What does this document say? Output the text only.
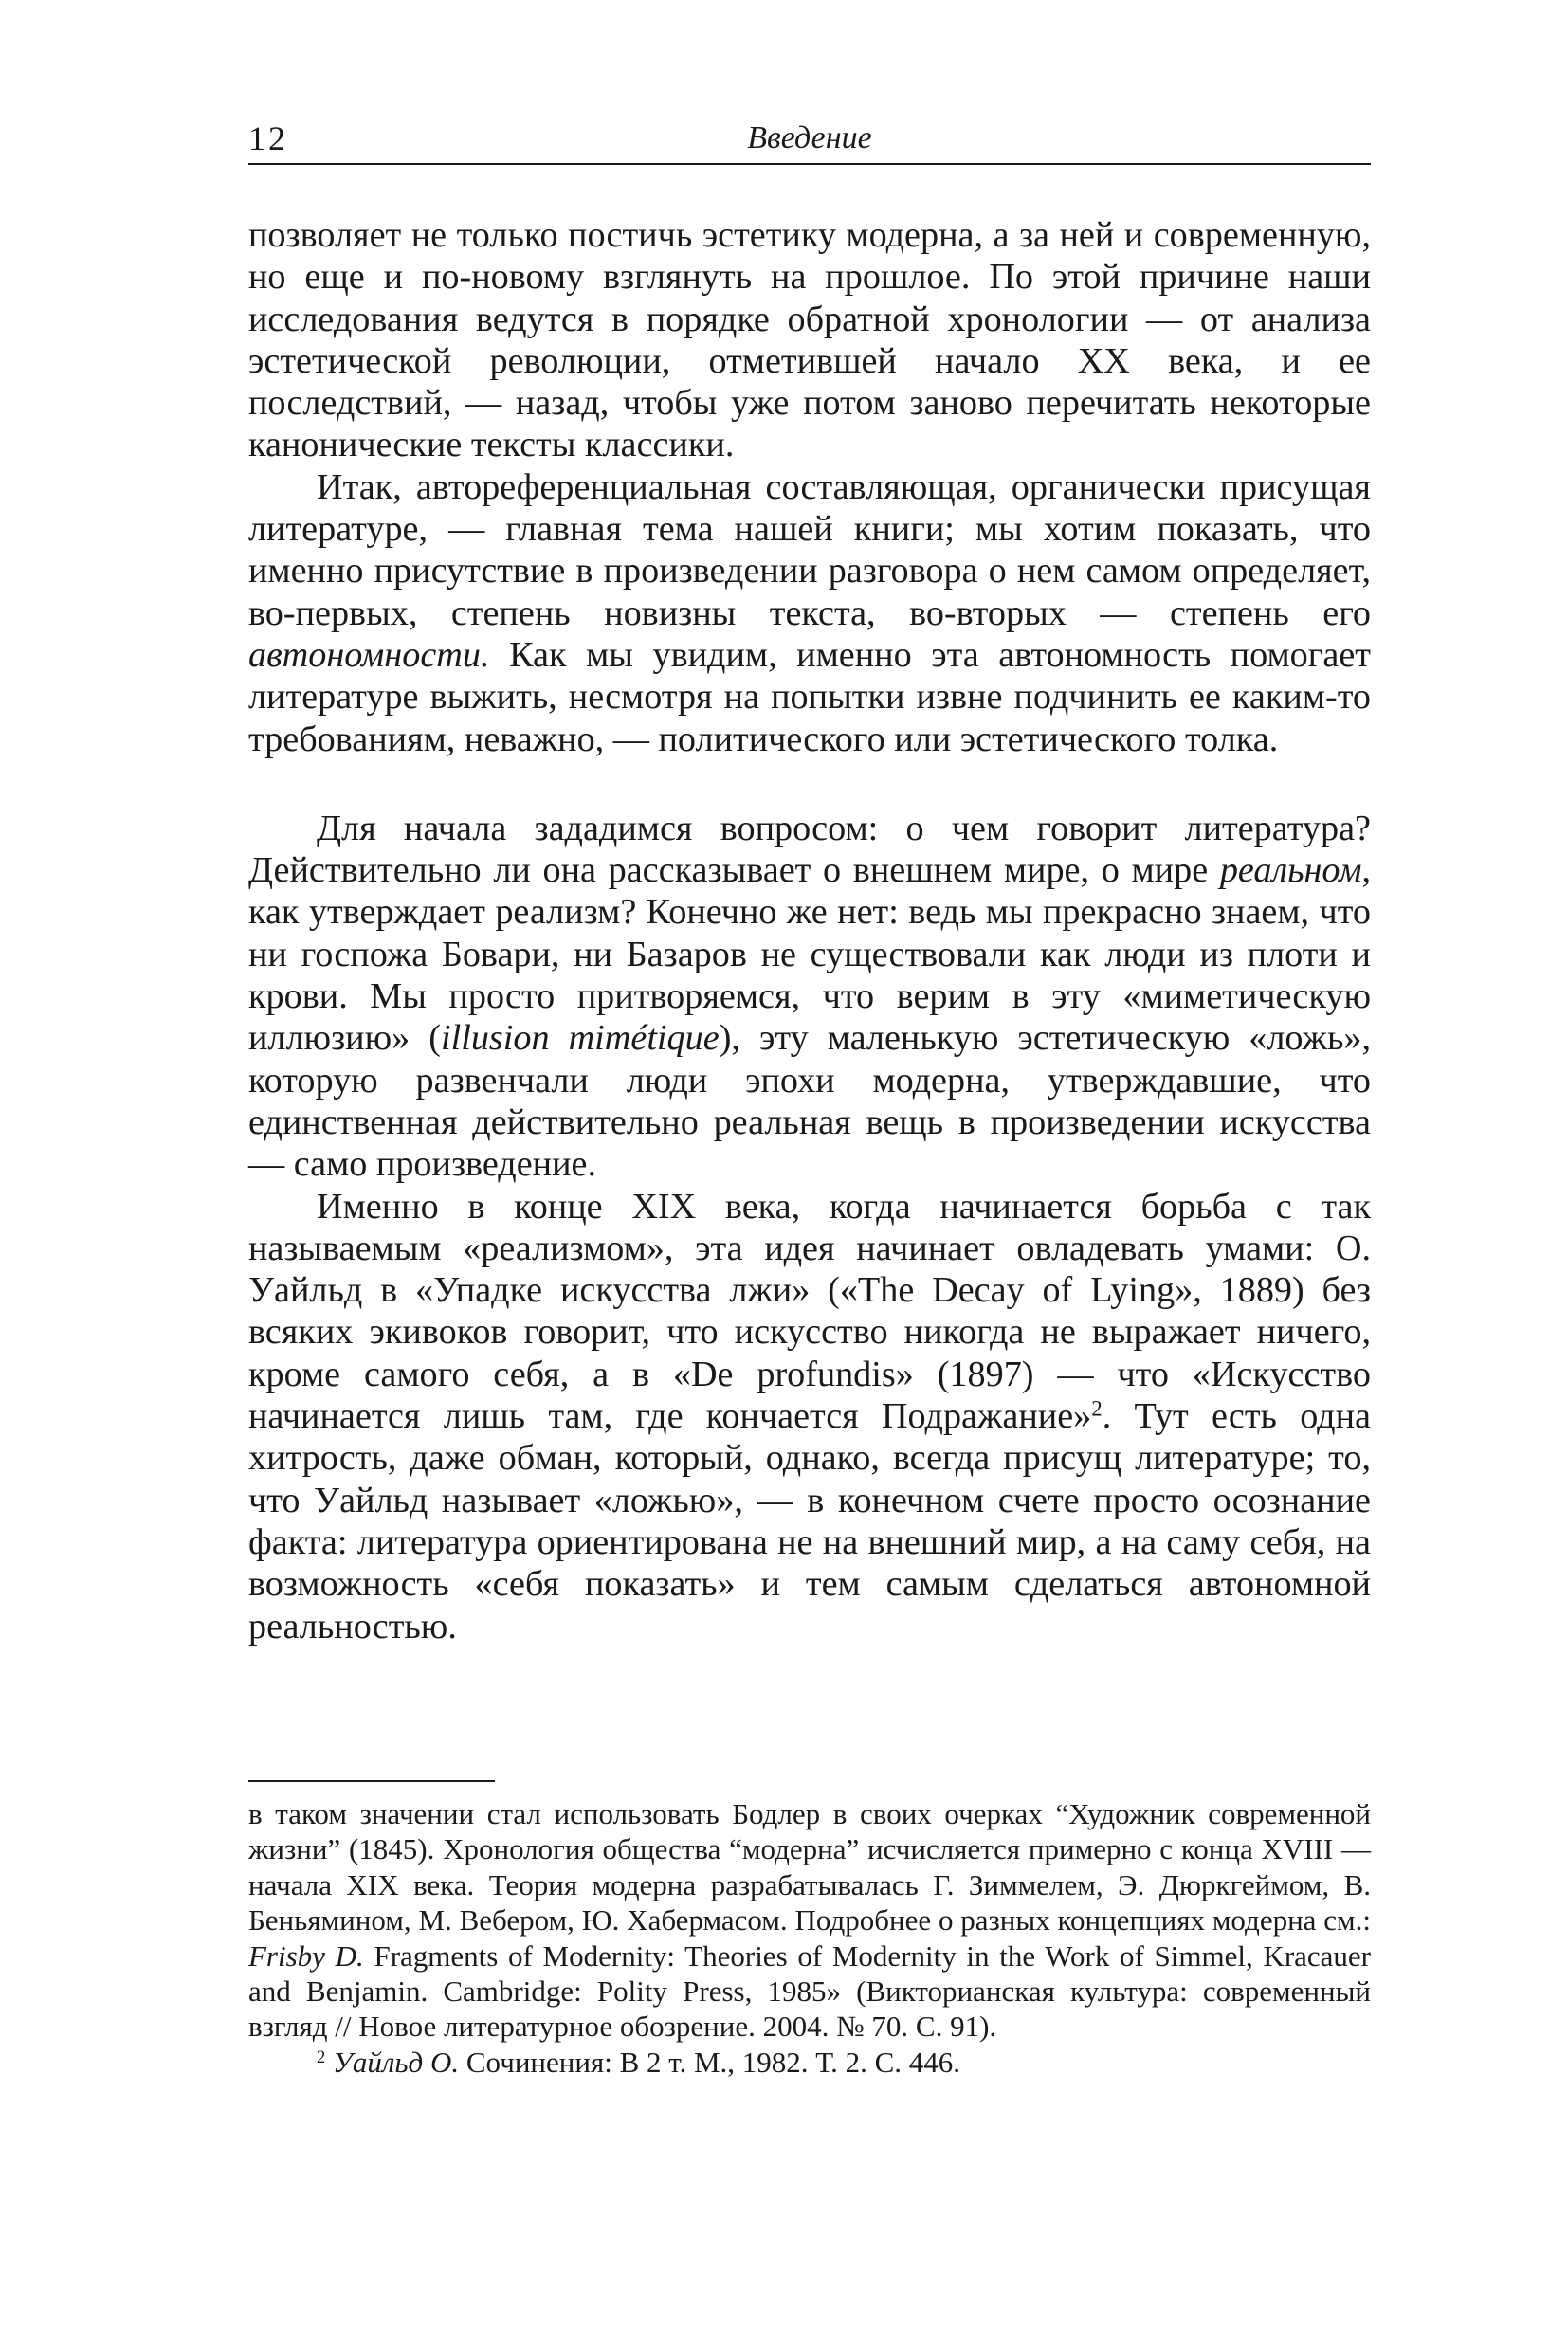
12	Введение

позволяет не только постичь эстетику модерна, а за ней и современную, но еще и по-новому взглянуть на прошлое. По этой причине наши исследования ведутся в порядке обратной хронологии — от анализа эстетической революции, отметившей начало XX века, и ее последствий, — назад, чтобы уже потом заново перечитать некоторые канонические тексты классики.

Итак, автореференциальная составляющая, органически присущая литературе, — главная тема нашей книги; мы хотим показать, что именно присутствие в произведении разговора о нем самом определяет, во-первых, степень новизны текста, во-вторых — степень его автономности. Как мы увидим, именно эта автономность помогает литературе выжить, несмотря на попытки извне подчинить ее каким-то требованиям, неважно, — политического или эстетического толка.

Для начала зададимся вопросом: о чем говорит литература? Действительно ли она рассказывает о внешнем мире, о мире реальном, как утверждает реализм? Конечно же нет: ведь мы прекрасно знаем, что ни госпожа Бовари, ни Базаров не существовали как люди из плоти и крови. Мы просто притворяемся, что верим в эту «миметическую иллюзию» (illusion mimétique), эту маленькую эстетическую «ложь», которую развенчали люди эпохи модерна, утверждавшие, что единственная действительно реальная вещь в произведении искусства — само произведение.

Именно в конце XIX века, когда начинается борьба с так называемым «реализмом», эта идея начинает овладевать умами: О. Уайльд в «Упадке искусства лжи» («The Decay of Lying», 1889) без всяких экивоков говорит, что искусство никогда не выражает ничего, кроме самого себя, а в «De profundis» (1897) — что «Искусство начинается лишь там, где кончается Подражание»$^2$. Тут есть одна хитрость, даже обман, который, однако, всегда присущ литературе; то, что Уайльд называет «ложью», — в конечном счете просто осознание факта: литература ориентирована не на внешний мир, а на саму себя, на возможность «себя показать» и тем самым сделаться автономной реальностью.

в таком значении стал использовать Бодлер в своих очерках “Художник современной жизни” (1845). Хронология общества “модерна” исчисляется примерно с конца XVIII — начала XIX века. Теория модерна разрабатывалась Г. Зиммелем, Э. Дюркгеймом, В. Беньямином, М. Вебером, Ю. Хабермасом. Подробнее о разных концепциях модерна см.: Frisby D. Fragments of Modernity: Theories of Modernity in the Work of Simmel, Kracauer and Benjamin. Cambridge: Polity Press, 1985» (Викторианская культура: современный взгляд // Новое литературное обозрение. 2004. № 70. С. 91).

$^2$ Уайльд О. Сочинения: В 2 т. М., 1982. Т. 2. С. 446.
